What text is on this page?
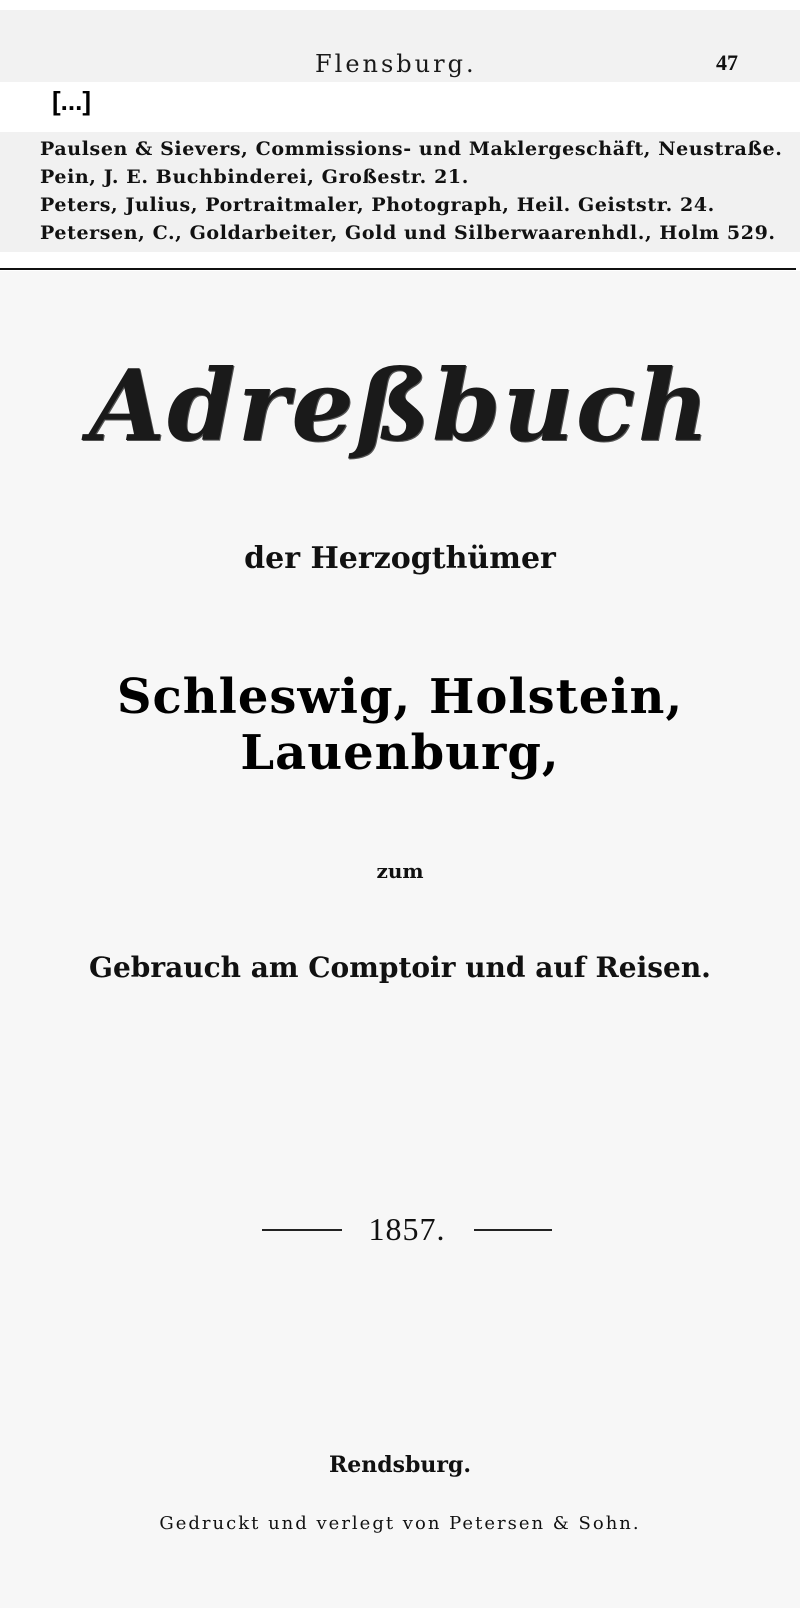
Flensburg.	47
[...]
Paulsen & Sievers, Commissions- und Maklergeschäft, Neustraße.
Pein, J. E. Buchbinderei, Großestr. 21.
Peters, Julius, Portraitmaler, Photograph, Heil. Geiststr. 24.
Petersen, C., Goldarbeiter, Gold und Silberwaarenhdl., Holm 529.
Adreßbuch
der Herzogthümer
Schleswig, Holstein, Lauenburg,
zum
Gebrauch am Comptoir und auf Reisen.
1857.
Rendsburg.
Gedruckt und verlegt von Petersen & Sohn.
